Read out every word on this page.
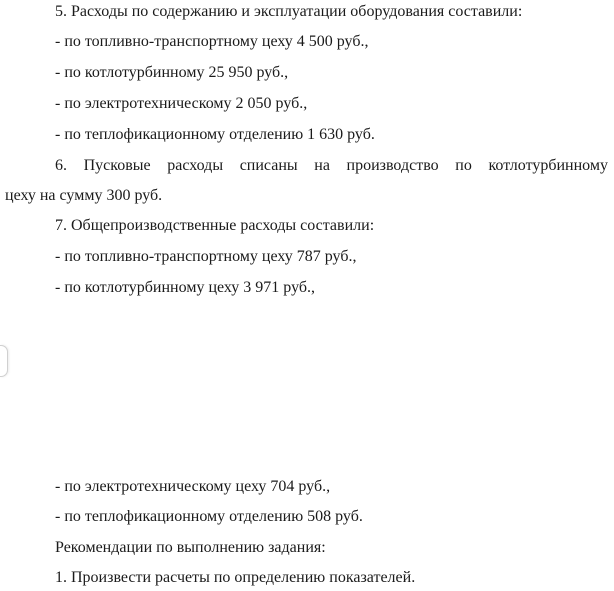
5. Расходы по содержанию и эксплуатации оборудования составили:
- по топливно-транспортному цеху 4 500 руб.,
- по котлотурбинному 25 950 руб.,
- по электротехническому 2 050 руб.,
- по теплофикационному отделению 1 630 руб.
6. Пусковые расходы списаны на производство по котлотурбинному
цеху на сумму 300 руб.
7. Общепроизводственные расходы составили:
- по топливно-транспортному цеху 787 руб.,
- по котлотурбинному цеху 3 971 руб.,
- по электротехническому цеху 704 руб.,
- по теплофикационному отделению 508 руб.
Рекомендации по выполнению задания:
1. Произвести расчеты по определению показателей.
